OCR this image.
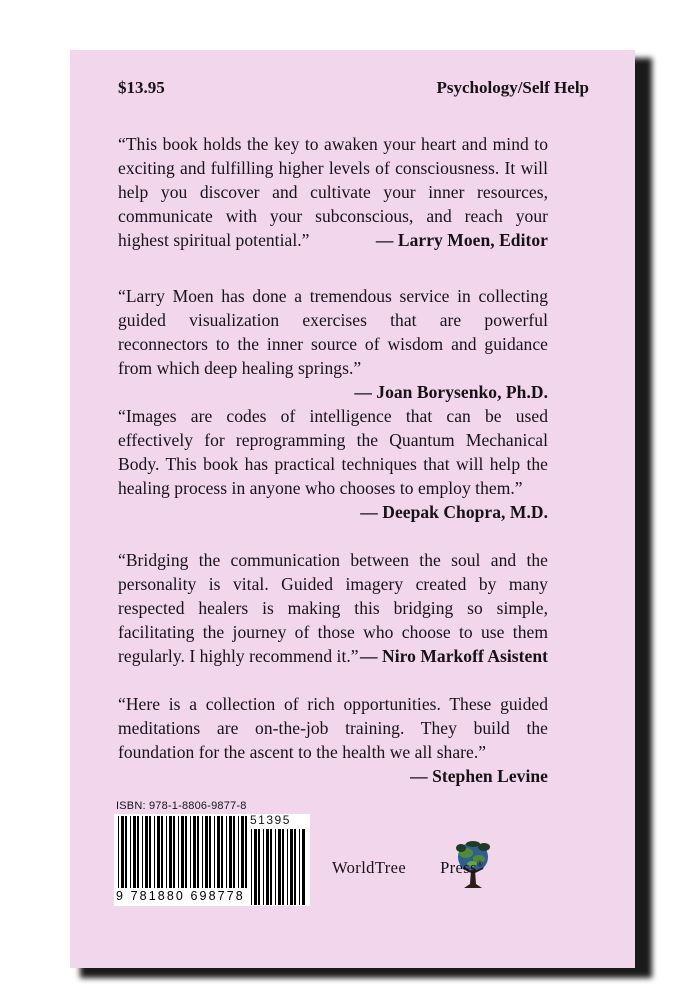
$13.95	Psychology/Self Help
“This book holds the key to awaken your heart and mind to exciting and fulfilling higher levels of consciousness. It will help you discover and cultivate your inner resources, communicate with your subconscious, and reach your highest spiritual potential.”	— Larry Moen, Editor
“Larry Moen has done a tremendous service in collecting guided visualization exercises that are powerful reconnectors to the inner source of wisdom and guidance from which deep healing springs.”
— Joan Borysenko, Ph.D.
“Images are codes of intelligence that can be used effectively for reprogramming the Quantum Mechanical Body. This book has practical techniques that will help the healing process in anyone who chooses to employ them.”
— Deepak Chopra, M.D.
“Bridging the communication between the soul and the personality is vital. Guided imagery created by many respected healers is making this bridging so simple, facilitating the journey of those who choose to use them regularly. I highly recommend it.” — Niro Markoff Asistent
“Here is a collection of rich opportunities. These guided meditations are on-the-job training. They build the foundation for the ascent to the health we all share.”
— Stephen Levine
ISBN: 978-1-8806-9877-8
9 781880 698778
51395
WorldTree Press®
